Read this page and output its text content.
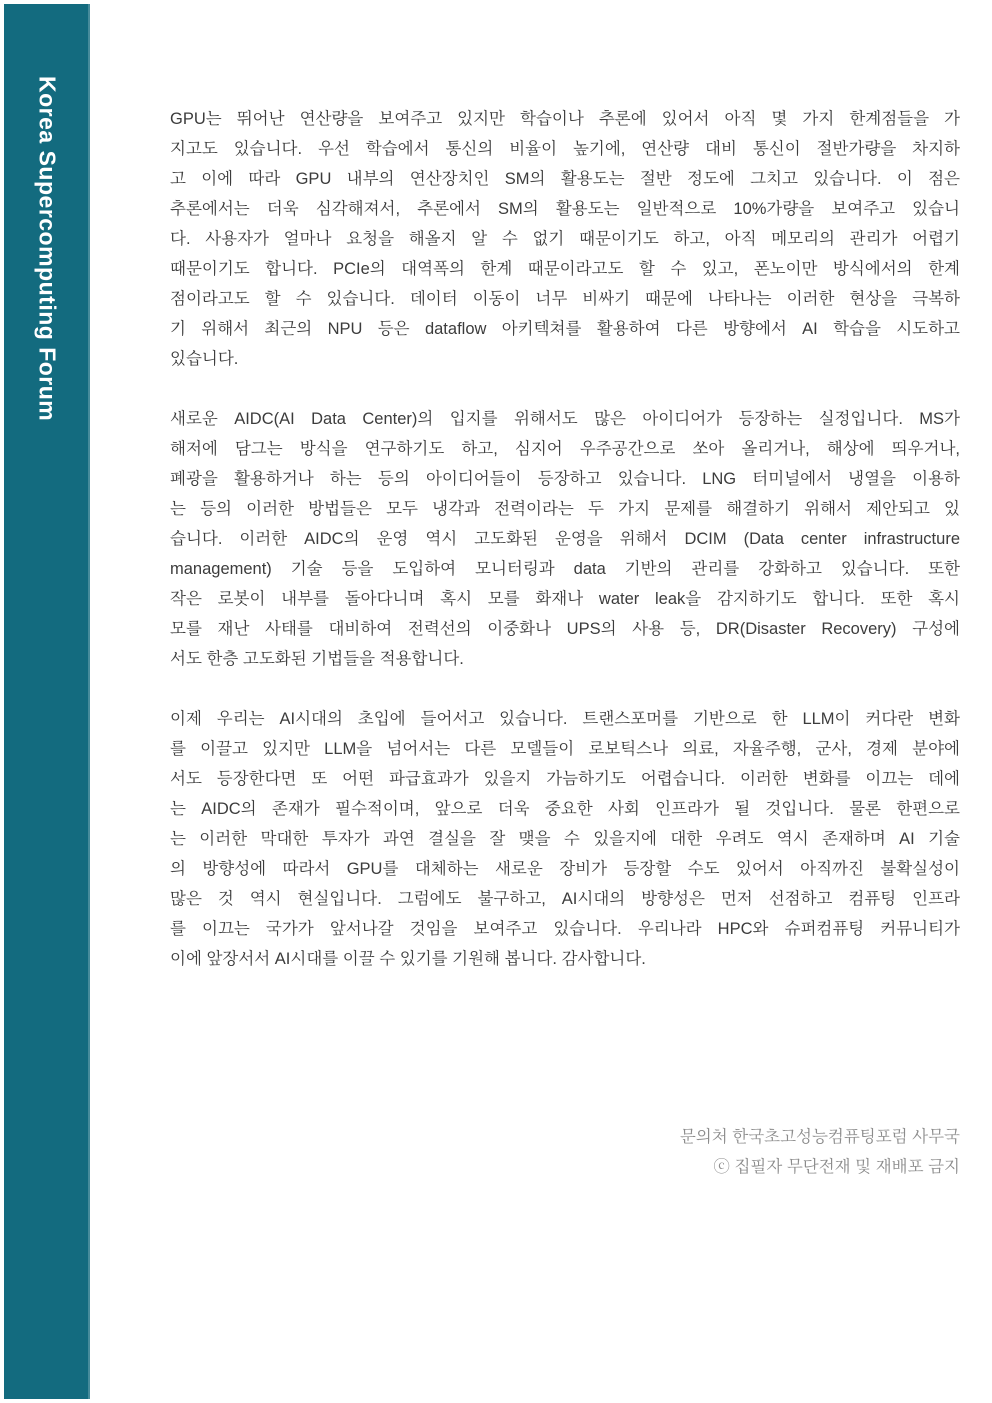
Korea Supercomputing Forum	GPU는 뛰어난 연산량을 보여주고 있지만 학습이나 추론에 있어서 아직 몇 가지 한계점들을 가
지고도 있습니다. 우선 학습에서 통신의 비율이 높기에, 연산량 대비 통신이 절반가량을 차지하
고 이에 따라 GPU 내부의 연산장치인 SM의 활용도는 절반 정도에 그치고 있습니다. 이 점은
추론에서는 더욱 심각해져서, 추론에서 SM의 활용도는 일반적으로 10%가량을 보여주고 있습니
다. 사용자가 얼마나 요청을 해올지 알 수 없기 때문이기도 하고, 아직 메모리의 관리가 어렵기
때문이기도 합니다. PCIe의 대역폭의 한계 때문이라고도 할 수 있고, 폰노이만 방식에서의 한계
점이라고도 할 수 있습니다. 데이터 이동이 너무 비싸기 때문에 나타나는 이러한 현상을 극복하
기 위해서 최근의 NPU 등은 dataflow 아키텍쳐를 활용하여 다른 방향에서 AI 학습을 시도하고
있습니다.

새로운 AIDC(AI Data Center)의 입지를 위해서도 많은 아이디어가 등장하는 실정입니다. MS가
해저에 담그는 방식을 연구하기도 하고, 심지어 우주공간으로 쏘아 올리거나, 해상에 띄우거나,
폐광을 활용하거나 하는 등의 아이디어들이 등장하고 있습니다. LNG 터미널에서 냉열을 이용하
는 등의 이러한 방법들은 모두 냉각과 전력이라는 두 가지 문제를 해결하기 위해서 제안되고 있
습니다. 이러한 AIDC의 운영 역시 고도화된 운영을 위해서 DCIM (Data center infrastructure
management) 기술 등을 도입하여 모니터링과 data 기반의 관리를 강화하고 있습니다. 또한
작은 로봇이 내부를 돌아다니며 혹시 모를 화재나 water leak을 감지하기도 합니다. 또한 혹시
모를 재난 사태를 대비하여 전력선의 이중화나 UPS의 사용 등, DR(Disaster Recovery) 구성에
서도 한층 고도화된 기법들을 적용합니다.

이제 우리는 AI시대의 초입에 들어서고 있습니다. 트랜스포머를 기반으로 한 LLM이 커다란 변화
를 이끌고 있지만 LLM을 넘어서는 다른 모델들이 로보틱스나 의료, 자율주행, 군사, 경제 분야에
서도 등장한다면 또 어떤 파급효과가 있을지 가늠하기도 어렵습니다. 이러한 변화를 이끄는 데에
는 AIDC의 존재가 필수적이며, 앞으로 더욱 중요한 사회 인프라가 될 것입니다. 물론 한편으로
는 이러한 막대한 투자가 과연 결실을 잘 맺을 수 있을지에 대한 우려도 역시 존재하며 AI 기술
의 방향성에 따라서 GPU를 대체하는 새로운 장비가 등장할 수도 있어서 아직까진 불확실성이
많은 것 역시 현실입니다. 그럼에도 불구하고, AI시대의 방향성은 먼저 선점하고 컴퓨팅 인프라
를 이끄는 국가가 앞서나갈 것임을 보여주고 있습니다. 우리나라 HPC와 슈퍼컴퓨팅 커뮤니티가
이에 앞장서서 AI시대를 이끌 수 있기를 기원해 봅니다. 감사합니다.

문의처 한국초고성능컴퓨팅포럼 사무국
ⓒ 집필자 무단전재 및 재배포 금지
